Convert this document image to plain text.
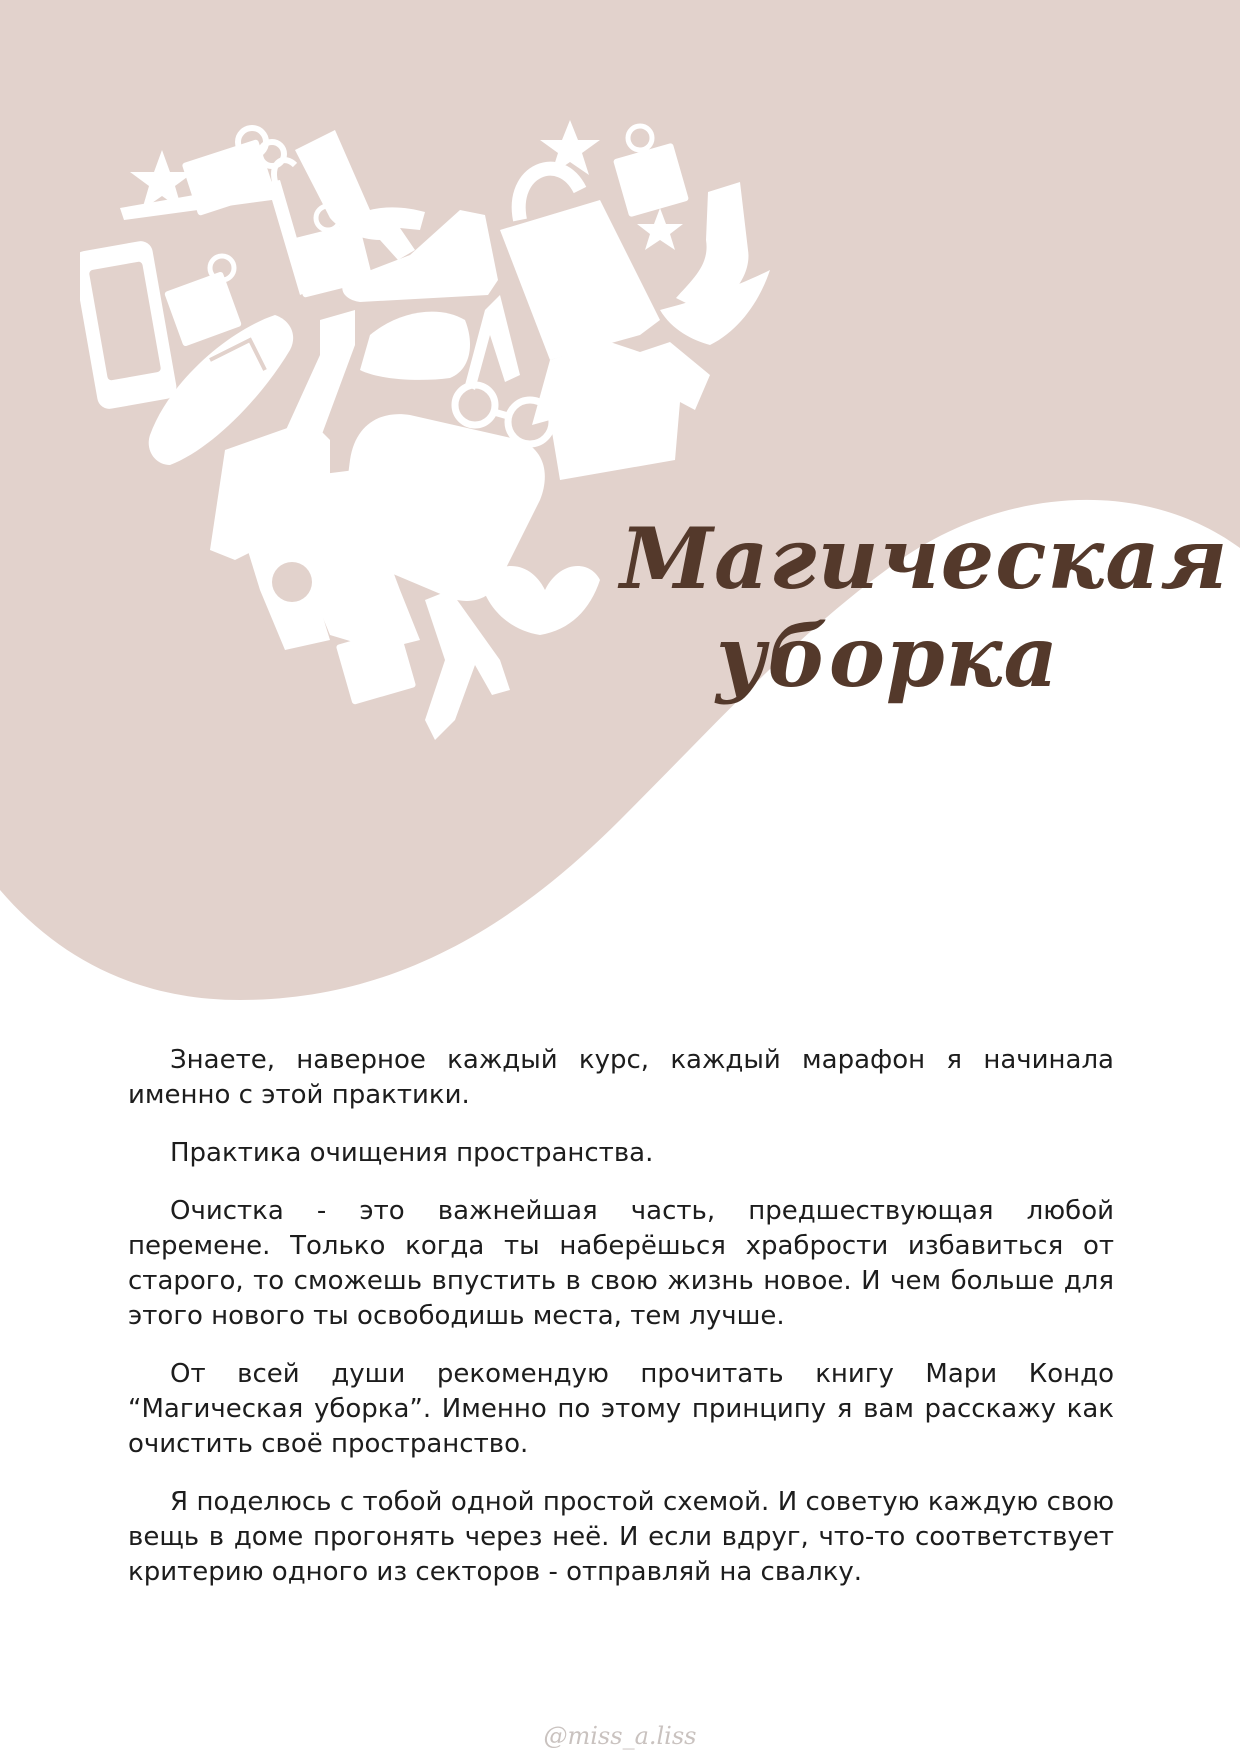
Магическая
уборка

Знаете, наверное каждый курс, каждый марафон я начинала именно с этой практики.

Практика очищения пространства.

Очистка - это важнейшая часть, предшествующая любой перемене. Только когда ты наберёшься храбрости избавиться от старого, то сможешь впустить в свою жизнь новое. И чем больше для этого нового ты освободишь места, тем лучше.

От всей души рекомендую прочитать книгу Мари Кондо “Магическая уборка”. Именно по этому принципу я вам расскажу как очистить своё пространство.

Я поделюсь с тобой одной простой схемой. И советую каждую свою вещь в доме прогонять через неё. И если вдруг, что-то соответствует критерию одного из секторов - отправляй на свалку.

@miss_a.liss
